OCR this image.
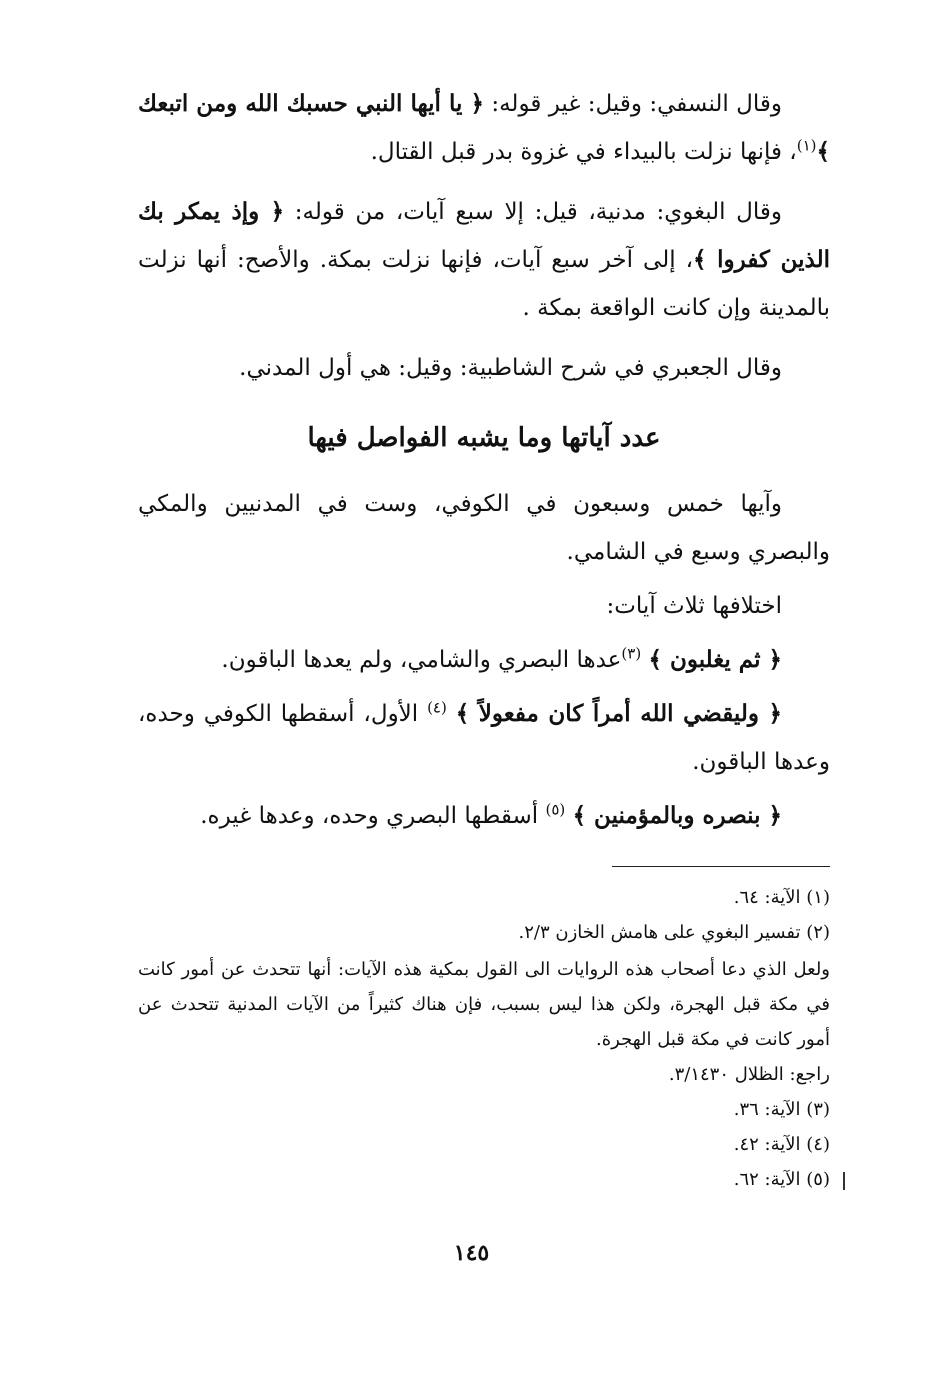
وقال النسفي: وقيل: غير قوله: ﴿ يا أيها النبي حسبك الله ومن اتبعك ﴾$^{(١)}$، فإنها نزلت بالبيداء في غزوة بدر قبل القتال.

وقال البغوي: مدنية، قيل: إلا سبع آيات، من قوله: ﴿ وإذ يمكر بك الذين كفروا ﴾، إلى آخر سبع آيات، فإنها نزلت بمكة. والأصح: أنها نزلت بالمدينة وإن كانت الواقعة بمكة .

وقال الجعبري في شرح الشاطبية: وقيل: هي أول المدني.

عدد آياتها وما يشبه الفواصل فيها

وآيها خمس وسبعون في الكوفي، وست في المدنيين والمكي والبصري وسبع في الشامي.

اختلافها ثلاث آيات:

﴿ ثم يغلبون ﴾ $^{(٣)}$عدها البصري والشامي، ولم يعدها الباقون.

﴿ وليقضي الله أمراً كان مفعولاً ﴾ $^{(٤)}$ الأول، أسقطها الكوفي وحده، وعدها الباقون.

﴿ بنصره وبالمؤمنين ﴾ $^{(٥)}$ أسقطها البصري وحده، وعدها غيره.

(١) الآية: ٦٤.

(٢) تفسير البغوي على هامش الخازن ٢/٣.

ولعل الذي دعا أصحاب هذه الروايات الى القول بمكية هذه الآيات: أنها تتحدث عن أمور كانت في مكة قبل الهجرة، ولكن هذا ليس بسبب، فإن هناك كثيراً من الآيات المدنية تتحدث عن أمور كانت في مكة قبل الهجرة.

راجع: الظلال ٣/١٤٣٠.

(٣) الآية: ٣٦.

(٤) الآية: ٤٢.

(٥) الآية: ٦٢.

١٤٥
